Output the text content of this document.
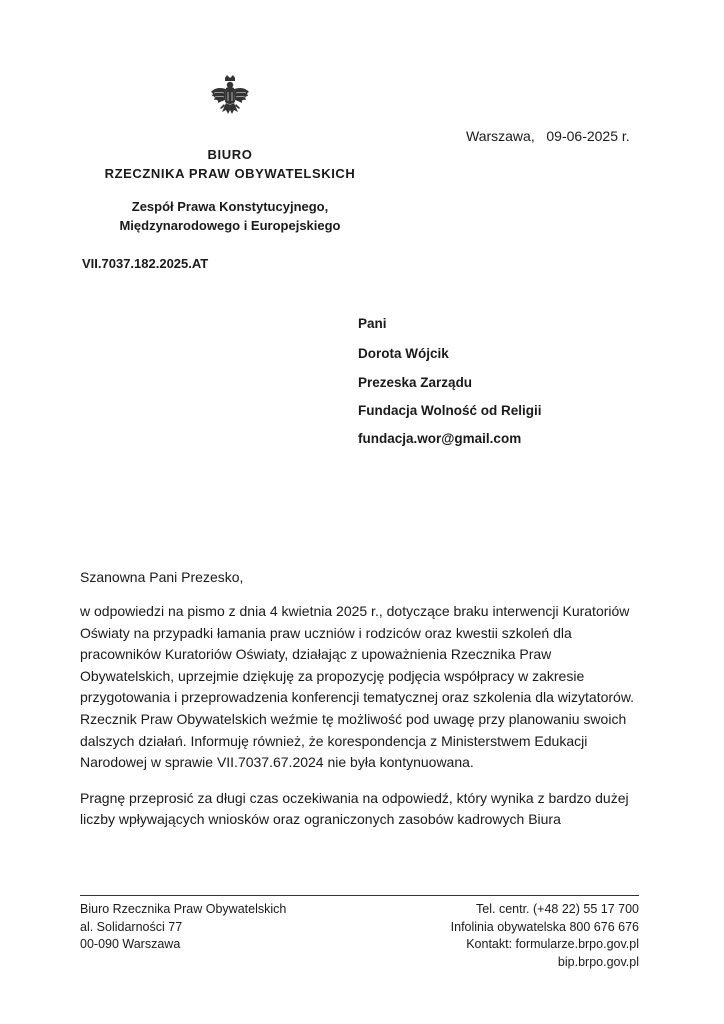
Warszawa, 09-06-2025 r.
BIURO
RZECZNIKA PRAW OBYWATELSKICH
Zespół Prawa Konstytucyjnego,
Międzynarodowego i Europejskiego
VII.7037.182.2025.AT
Pani
Dorota Wójcik
Prezeska Zarządu
Fundacja Wolność od Religii
fundacja.wor@gmail.com
Szanowna Pani Prezesko,

w odpowiedzi na pismo z dnia 4 kwietnia 2025 r., dotyczące braku interwencji Kuratoriów Oświaty na przypadki łamania praw uczniów i rodziców oraz kwestii szkoleń dla pracowników Kuratoriów Oświaty, działając z upoważnienia Rzecznika Praw Obywatelskich, uprzejmie dziękuję za propozycję podjęcia współpracy w zakresie przygotowania i przeprowadzenia konferencji tematycznej oraz szkolenia dla wizytatorów. Rzecznik Praw Obywatelskich weźmie tę możliwość pod uwagę przy planowaniu swoich dalszych działań. Informuję również, że korespondencja z Ministerstwem Edukacji Narodowej w sprawie VII.7037.67.2024 nie była kontynuowana.

Pragnę przeprosić za długi czas oczekiwania na odpowiedź, który wynika z bardzo dużej liczby wpływających wniosków oraz ograniczonych zasobów kadrowych Biura

Biuro Rzecznika Praw Obywatelskich
al. Solidarności 77
00-090 Warszawa
Tel. centr. (+48 22) 55 17 700
Infolinia obywatelska 800 676 676
Kontakt: formularze.brpo.gov.pl
bip.brpo.gov.pl
